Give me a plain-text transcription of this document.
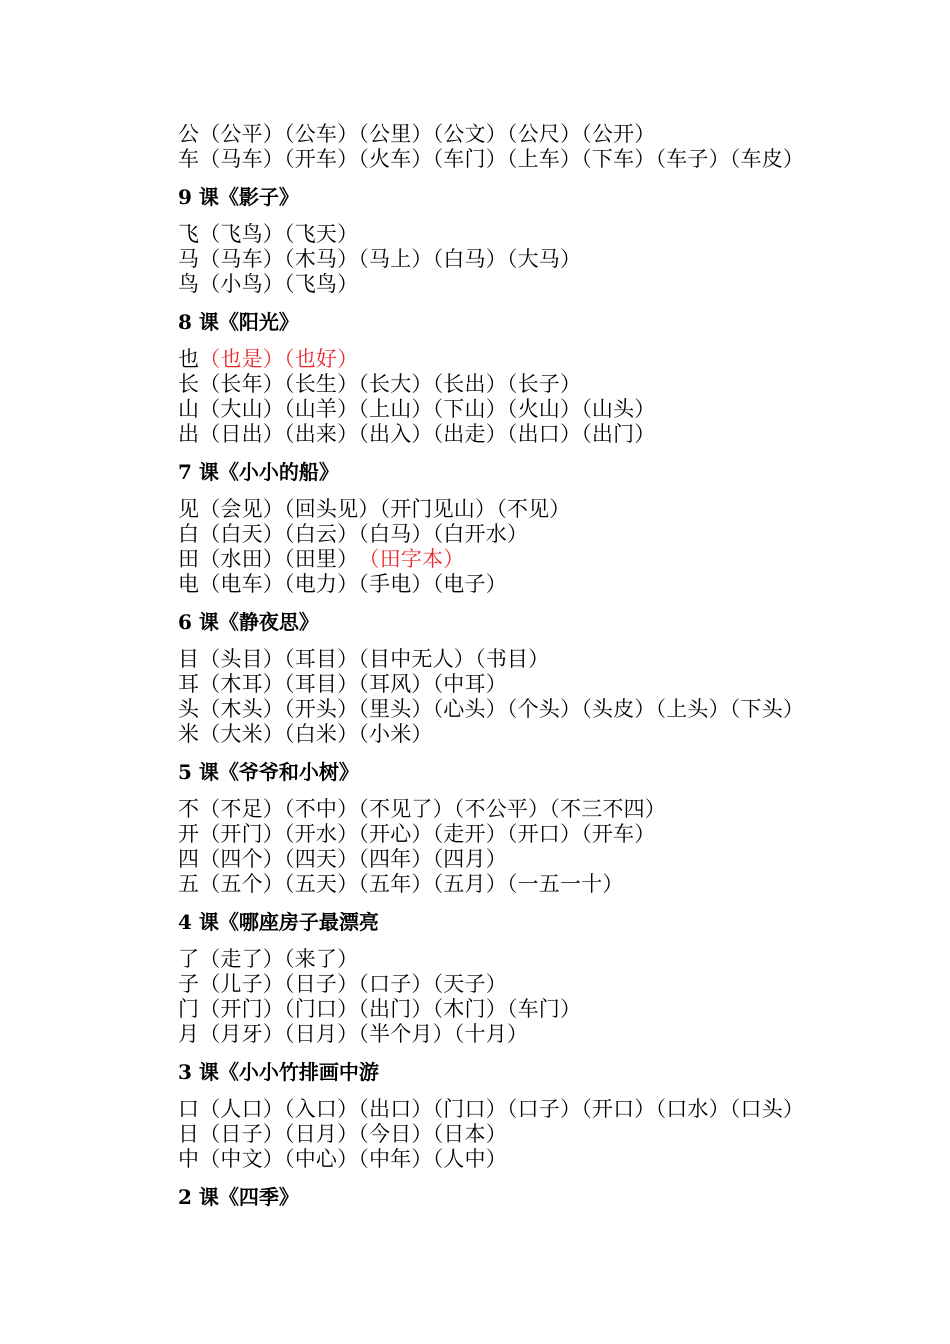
公（公平）（公车）（公里）（公文）（公尺）（公开）
车（马车）（开车）（火车）（车门）（上车）（下车）（车子）（车皮）
9 课《影子》
飞（飞鸟）（飞天）
马（马车）（木马）（马上）（白马）（大马）
鸟（小鸟）（飞鸟）
8 课《阳光》
也（也是）（也好）
长（长年）（长生）（长大）（长出）（长子）
山（大山）（山羊）（上山）（下山）（火山）（山头）
出（日出）（出来）（出入）（出走）（出口）（出门）
7 课《小小的船》
见（会见）（回头见）（开门见山）（不见）
白（白天）（白云）（白马）（白开水）
田（水田）（田里）　（田字本）
电（电车）（电力）（手电）（电子）
6 课《静夜思》
目（头目）（耳目）（目中无人）（书目）
耳（木耳）（耳目）（耳风）（中耳）
头（木头）（开头）（里头）（心头）（个头）（头皮）（上头）（下头）
米（大米）（白米）（小米）
5 课《爷爷和小树》
不（不足）（不中）（不见了）（不公平）（不三不四）
开（开门）（开水）（开心）（走开）（开口）（开车）
四（四个）（四天）（四年）（四月）
五（五个）（五天）（五年）（五月）（一五一十）
4 课《哪座房子最漂亮
了（走了）（来了）
子（儿子）（日子）（口子）（天子）
门（开门）（门口）（出门）（木门）（车门）
月（月牙）（日月）（半个月）（十月）
3 课《小小竹排画中游
口（人口）（入口）（出口）（门口）（口子）（开口）（口水）（口头）
日（日子）（日月）（今日）（日本）
中（中文）（中心）（中年）（人中）
2 课《四季》
